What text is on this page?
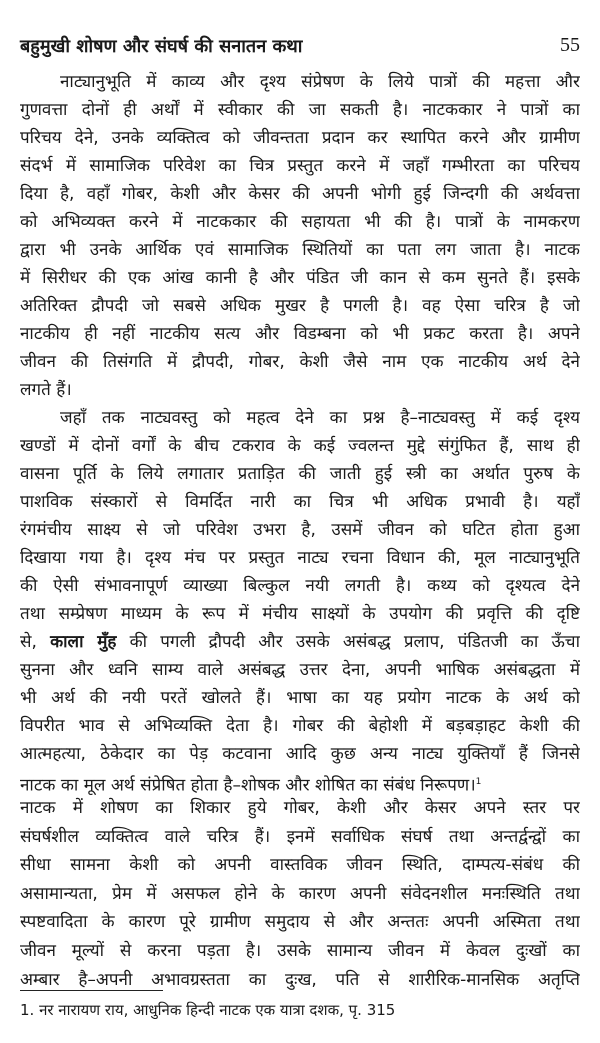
बहुमुखी शोषण और संघर्ष की सनातन कथा	55
नाट्यानुभूति में काव्य और दृश्य संप्रेषण के लिये पात्रों की महत्ता और
गुणवत्ता दोनों ही अर्थों में स्वीकार की जा सकती है। नाटककार ने पात्रों का
परिचय देने, उनके व्यक्तित्व को जीवन्तता प्रदान कर स्थापित करने और ग्रामीण
संदर्भ में सामाजिक परिवेश का चित्र प्रस्तुत करने में जहाँ गम्भीरता का परिचय
दिया है, वहाँ गोबर, केशी और केसर की अपनी भोगी हुई जिन्दगी की अर्थवत्ता
को अभिव्यक्त करने में नाटककार की सहायता भी की है। पात्रों के नामकरण
द्वारा भी उनके आर्थिक एवं सामाजिक स्थितियों का पता लग जाता है। नाटक
में सिरीधर की एक आंख कानी है और पंडित जी कान से कम सुनते हैं। इसके
अतिरिक्त द्रौपदी जो सबसे अधिक मुखर है पगली है। वह ऐसा चरित्र है जो
नाटकीय ही नहीं नाटकीय सत्य और विडम्बना को भी प्रकट करता है। अपने
जीवन की तिसंगति में द्रौपदी, गोबर, केशी जैसे नाम एक नाटकीय अर्थ देने
लगते हैं।
जहाँ तक नाट्यवस्तु को महत्व देने का प्रश्न है–नाट्यवस्तु में कई दृश्य
खण्डों में दोनों वर्गों के बीच टकराव के कई ज्वलन्त मुद्दे संगुंफित हैं, साथ ही
वासना पूर्ति के लिये लगातार प्रताड़ित की जाती हुई स्त्री का अर्थात पुरुष के
पाशविक संस्कारों से विमर्दित नारी का चित्र भी अधिक प्रभावी है। यहाँ
रंगमंचीय साक्ष्य से जो परिवेश उभरा है, उसमें जीवन को घटित होता हुआ
दिखाया गया है। दृश्य मंच पर प्रस्तुत नाट्य रचना विधान की, मूल नाट्यानुभूति
की ऐसी संभावनापूर्ण व्याख्या बिल्कुल नयी लगती है। कथ्य को दृश्यत्व देने
तथा सम्प्रेषण माध्यम के रूप में मंचीय साक्ष्यों के उपयोग की प्रवृत्ति की दृष्टि
से, काला मुँह की पगली द्रौपदी और उसके असंबद्ध प्रलाप, पंडितजी का ऊँचा
सुनना और ध्वनि साम्य वाले असंबद्ध उत्तर देना, अपनी भाषिक असंबद्धता में
भी अर्थ की नयी परतें खोलते हैं। भाषा का यह प्रयोग नाटक के अर्थ को
विपरीत भाव से अभिव्यक्ति देता है। गोबर की बेहोशी में बड़बड़ाहट केशी की
आत्महत्या, ठेकेदार का पेड़ कटवाना आदि कुछ अन्य नाट्य युक्तियाँ हैं जिनसे
नाटक का मूल अर्थ संप्रेषित होता है–शोषक और शोषित का संबंध निरूपण।$^1$
नाटक में शोषण का शिकार हुये गोबर, केशी और केसर अपने स्तर पर
संघर्षशील व्यक्तित्व वाले चरित्र हैं। इनमें सर्वाधिक संघर्ष तथा अन्तर्द्वन्द्वों का
सीधा सामना केशी को अपनी वास्तविक जीवन स्थिति, दाम्पत्य-संबंध की
असामान्यता, प्रेम में असफल होने के कारण अपनी संवेदनशील मनःस्थिति तथा
स्पष्टवादिता के कारण पूरे ग्रामीण समुदाय से और अन्ततः अपनी अस्मिता तथा
जीवन मूल्यों से करना पड़ता है। उसके सामान्य जीवन में केवल दुःखों का
अम्बार है–अपनी अभावग्रस्तता का दुःख, पति से शारीरिक-मानसिक अतृप्ति
1. नर नारायण राय, आधुनिक हिन्दी नाटक एक यात्रा दशक, पृ. 315
